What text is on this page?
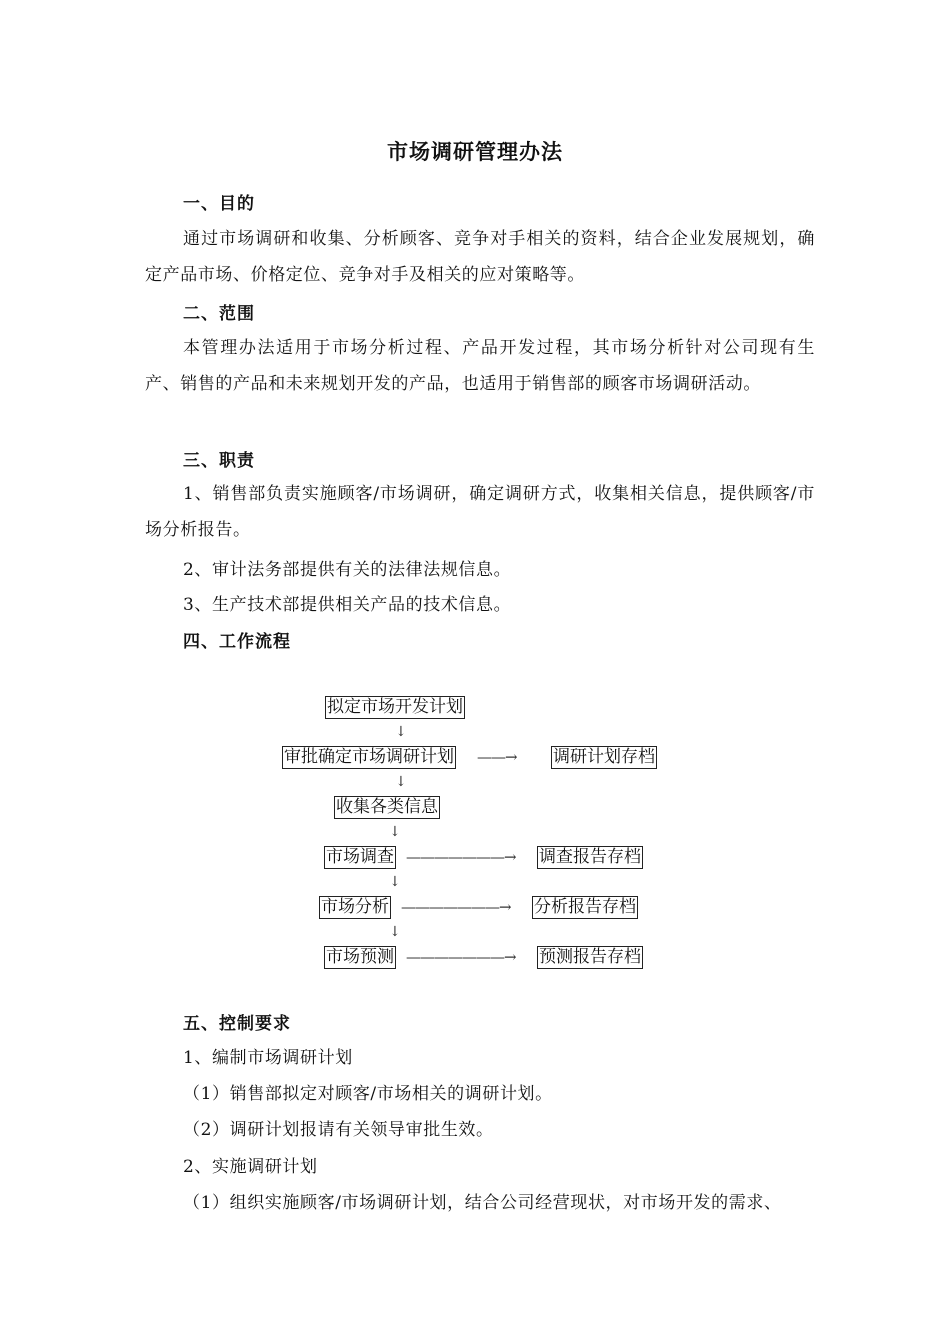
市场调研管理办法
一、目的
通过市场调研和收集、分析顾客、竞争对手相关的资料，结合企业发展规划，确定产品市场、价格定位、竞争对手及相关的应对策略等。
二、范围
本管理办法适用于市场分析过程、产品开发过程，其市场分析针对公司现有生产、销售的产品和未来规划开发的产品，也适用于销售部的顾客市场调研活动。
三、职责
1、销售部负责实施顾客/市场调研，确定调研方式，收集相关信息，提供顾客/市场分析报告。
2、审计法务部提供有关的法律法规信息。
3、生产技术部提供相关产品的技术信息。
四、工作流程
拟定市场开发计划
↓
审批确定市场调研计划 ——→ 调研计划存档
↓
收集各类信息
↓
市场调查 ———————→ 调查报告存档
↓
市场分析 ———————→ 分析报告存档
↓
市场预测 ———————→ 预测报告存档
五、控制要求
1、编制市场调研计划
（1）销售部拟定对顾客/市场相关的调研计划。
（2）调研计划报请有关领导审批生效。
2、实施调研计划
（1）组织实施顾客/市场调研计划，结合公司经营现状，对市场开发的需求、
